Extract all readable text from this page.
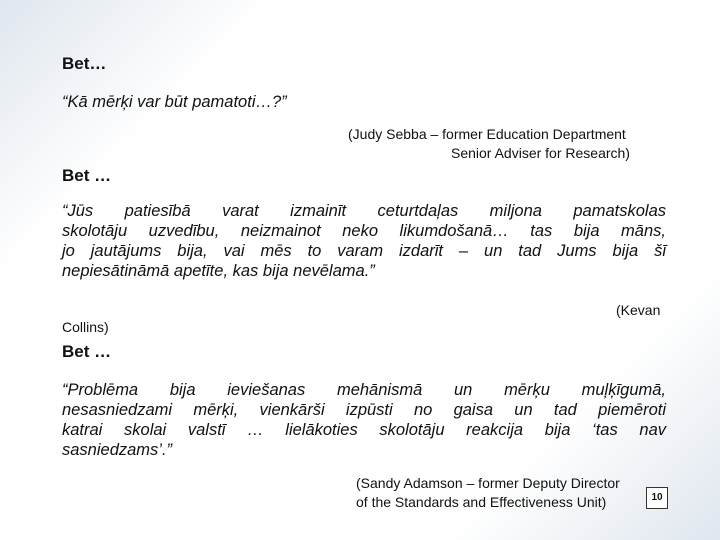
Bet…
“Kā mērķi var būt pamatoti…?”
(Judy Sebba – former Education Department
Senior Adviser for Research)
Bet …
“Jūs patiesībā varat izmainīt ceturtdaļas miljona pamatskolas
skolotāju uzvedību, neizmainot neko likumdošanā… tas bija māns,
jo jautājums bija, vai mēs to varam izdarīt – un tad Jums bija šī
nepiesātināmā apetīte, kas bija nevēlama.”
(Kevan
Collins)
Bet …
“Problēma bija ieviešanas mehānismā un mērķu muļķīgumā,
nesasniedzami mērķi, vienkārši izpūsti no gaisa un tad piemēroti
katrai skolai valstī … lielākoties skolotāju reakcija bija ‘tas nav
sasniedzams’.”
(Sandy Adamson – former Deputy Director
of the Standards and Effectiveness Unit)	10
